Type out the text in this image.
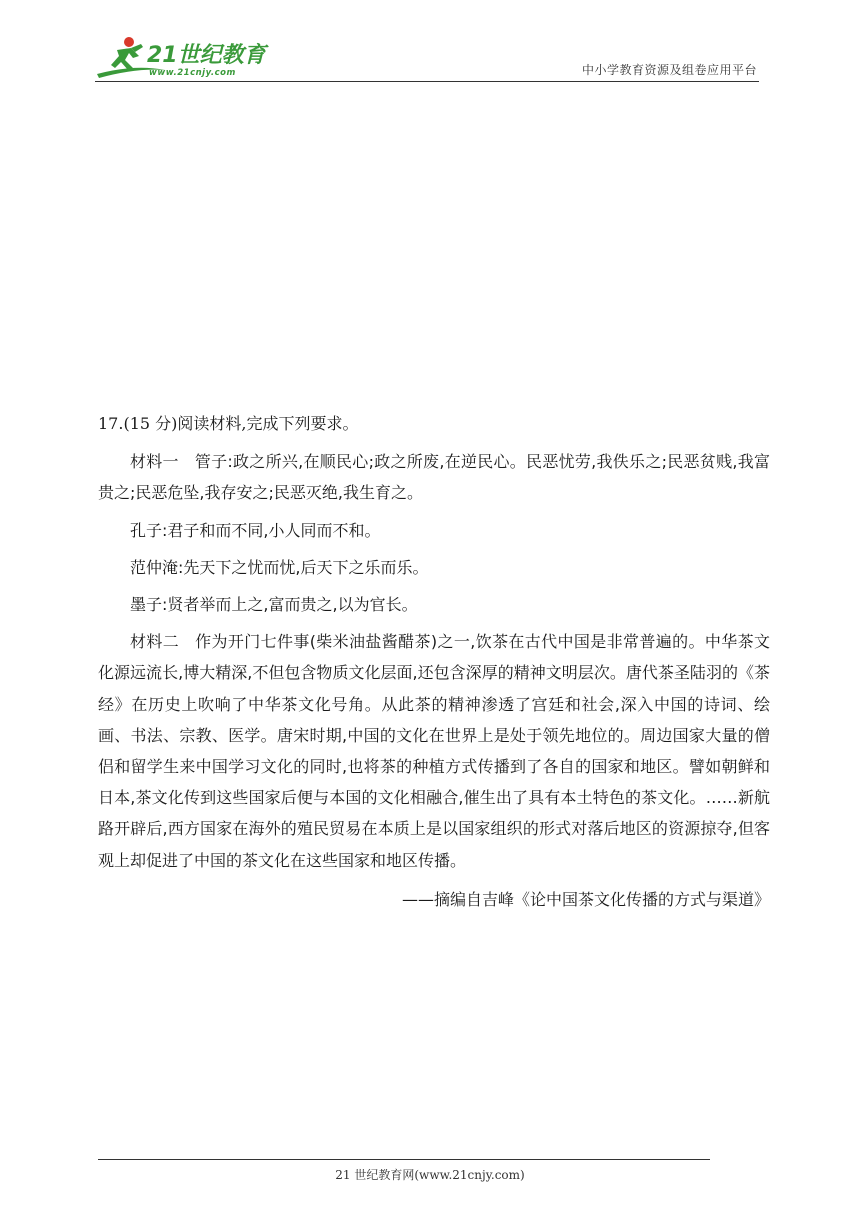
21世纪教育
www.21cnjy.com	中小学教育资源及组卷应用平台

17.(15 分)阅读材料,完成下列要求。

材料一 管子:政之所兴,在顺民心;政之所废,在逆民心。民恶忧劳,我佚乐之;民恶贫贱,我富贵之;民恶危坠,我存安之;民恶灭绝,我生育之。

孔子:君子和而不同,小人同而不和。

范仲淹:先天下之忧而忧,后天下之乐而乐。

墨子:贤者举而上之,富而贵之,以为官长。

材料二 作为开门七件事(柴米油盐酱醋茶)之一,饮茶在古代中国是非常普遍的。中华茶文化源远流长,博大精深,不但包含物质文化层面,还包含深厚的精神文明层次。唐代茶圣陆羽的《茶经》在历史上吹响了中华茶文化号角。从此茶的精神渗透了宫廷和社会,深入中国的诗词、绘画、书法、宗教、医学。唐宋时期,中国的文化在世界上是处于领先地位的。周边国家大量的僧侣和留学生来中国学习文化的同时,也将茶的种植方式传播到了各自的国家和地区。譬如朝鲜和日本,茶文化传到这些国家后便与本国的文化相融合,催生出了具有本土特色的茶文化。……新航路开辟后,西方国家在海外的殖民贸易在本质上是以国家组织的形式对落后地区的资源掠夺,但客观上却促进了中国的茶文化在这些国家和地区传播。

——摘编自吉峰《论中国茶文化传播的方式与渠道》

21 世纪教育网(www.21cnjy.com)
